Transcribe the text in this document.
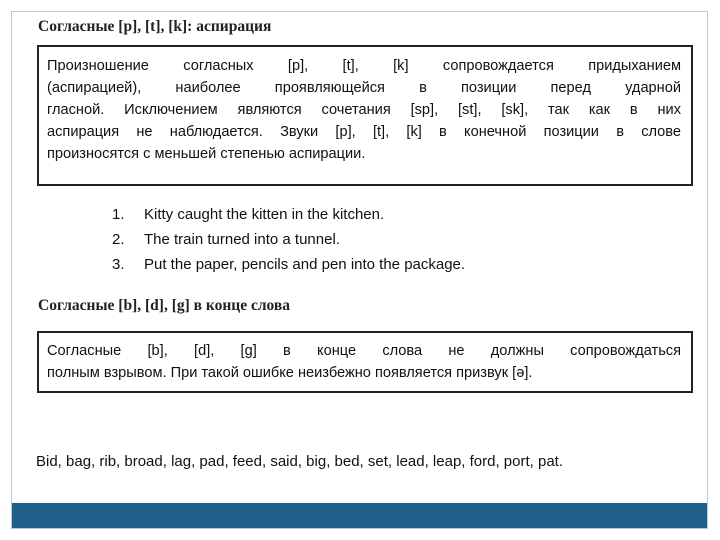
Согласные [p], [t], [k]: аспирация
Произношение согласных [p], [t], [k] сопровождается придыханием
(аспирацией), наиболее проявляющейся в позиции перед ударной
гласной. Исключением являются сочетания [sp], [st], [sk], так как в них
аспирация не наблюдается. Звуки [p], [t], [k] в конечной позиции в слове
произносятся с меньшей степенью аспирации.
1.	Kitty caught the kitten in the kitchen.
2.	The train turned into a tunnel.
3.	Put the paper, pencils and pen into the package.
Согласные [b], [d], [g] в конце слова
Согласные [b], [d], [g] в конце слова не должны сопровождаться
полным взрывом. При такой ошибке неизбежно появляется призвук [ə].
Bid, bag, rib, broad, lag, pad, feed, said, big, bed, set, lead, leap, ford, port, pat.
